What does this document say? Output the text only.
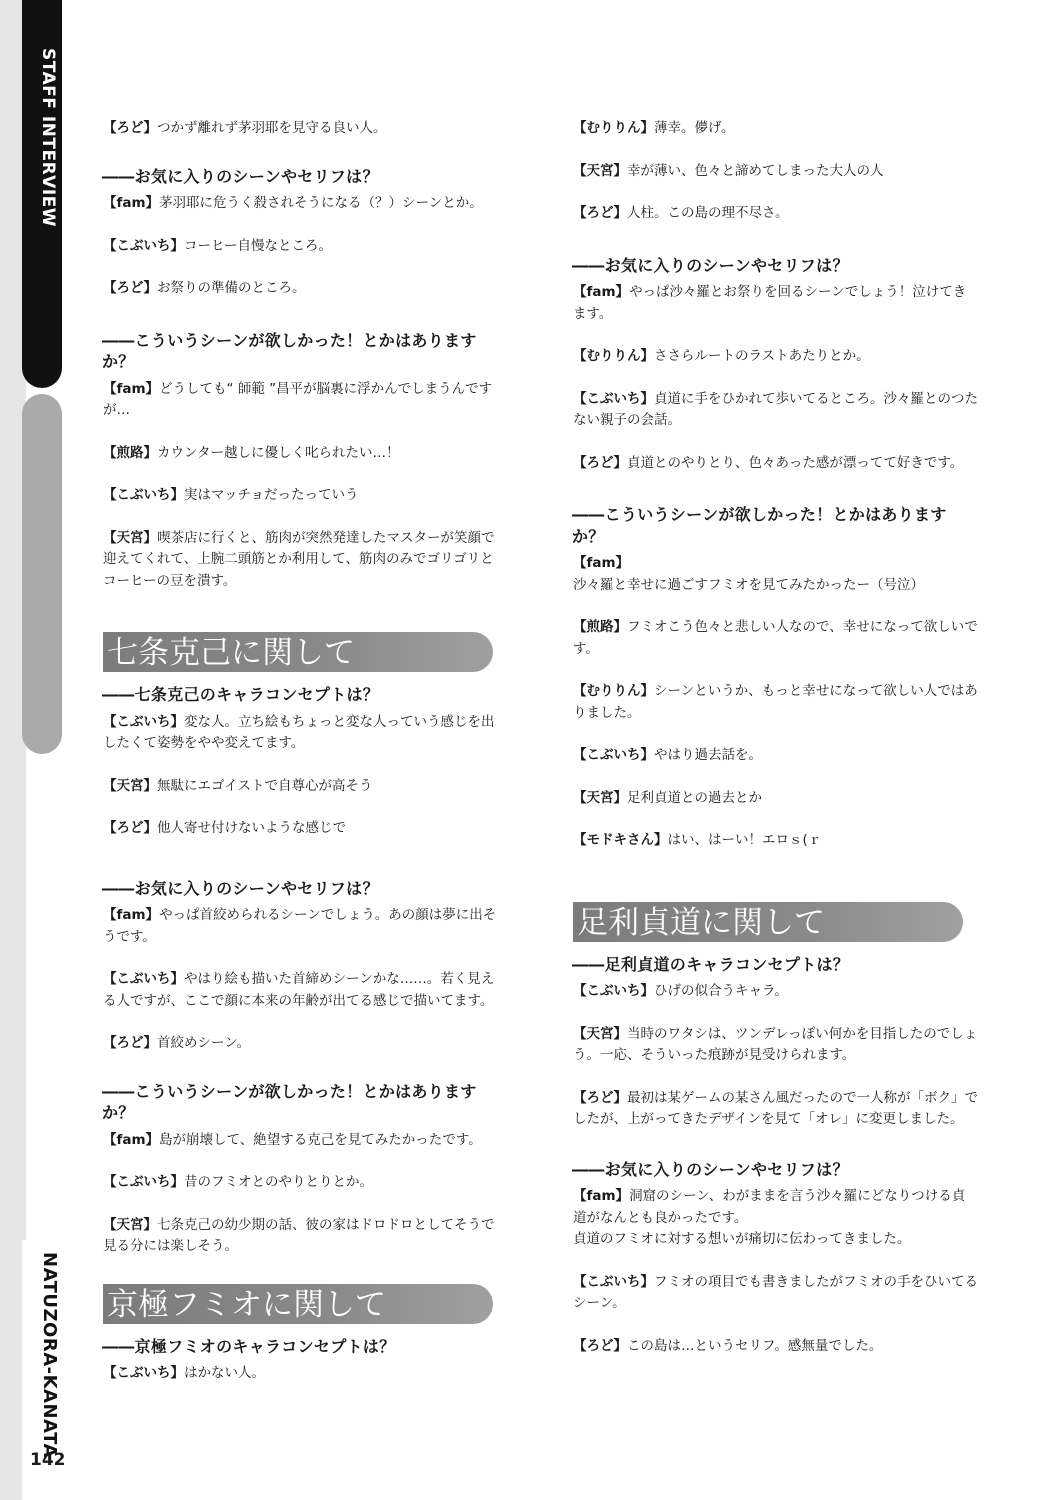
STAFF INTERVIEW
NATUZORA-KANATA
142
【ろど】つかず離れず茅羽耶を見守る良い人。
――お気に入りのシーンやセリフは？
【fam】茅羽耶に危うく殺されそうになる（？）シーンとか。
【こぶいち】コーヒー自慢なところ。
【ろど】お祭りの準備のところ。
――こういうシーンが欲しかった！とかはありますか？
【fam】どうしても“ 師範 ”昌平が脳裏に浮かんでしまうんですが…
【煎路】カウンター越しに優しく叱られたい…！
【こぶいち】実はマッチョだったっていう
【天宮】喫茶店に行くと、筋肉が突然発達したマスターが笑顔で迎えてくれて、上腕二頭筋とか利用して、筋肉のみでゴリゴリとコーヒーの豆を潰す。
七条克己に関して
――七条克己のキャラコンセプトは？
【こぶいち】変な人。立ち絵もちょっと変な人っていう感じを出したくて姿勢をやや変えてます。
【天宮】無駄にエゴイストで自尊心が高そう
【ろど】他人寄せ付けないような感じで
――お気に入りのシーンやセリフは？
【fam】やっぱ首絞められるシーンでしょう。あの顔は夢に出そうです。
【こぶいち】やはり絵も描いた首締めシーンかな……。若く見える人ですが、ここで顔に本来の年齢が出てる感じで描いてます。
【ろど】首絞めシーン。
――こういうシーンが欲しかった！とかはありますか？
【fam】島が崩壊して、絶望する克己を見てみたかったです。
【こぶいち】昔のフミオとのやりとりとか。
【天宮】七条克己の幼少期の話、彼の家はドロドロとしてそうで見る分には楽しそう。
京極フミオに関して
――京極フミオのキャラコンセプトは？
【こぶいち】はかない人。
【むりりん】薄幸。儚げ。
【天宮】幸が薄い、色々と諦めてしまった大人の人
【ろど】人柱。この島の理不尽さ。
――お気に入りのシーンやセリフは？
【fam】やっぱ沙々羅とお祭りを回るシーンでしょう！泣けてきます。
【むりりん】ささらルートのラストあたりとか。
【こぶいち】貞道に手をひかれて歩いてるところ。沙々羅とのつたない親子の会話。
【ろど】貞道とのやりとり、色々あった感が漂ってて好きです。
――こういうシーンが欲しかった！とかはありますか？
【fam】沙々羅と幸せに過ごすフミオを見てみたかったー（号泣）
【煎路】フミオこう色々と悲しい人なので、幸せになって欲しいです。
【むりりん】シーンというか、もっと幸せになって欲しい人ではありました。
【こぶいち】やはり過去話を。
【天宮】足利貞道との過去とか
【モドキさん】はい、はーい！エロｓ(ｒ
足利貞道に関して
――足利貞道のキャラコンセプトは？
【こぶいち】ひげの似合うキャラ。
【天宮】当時のワタシは、ツンデレっぽい何かを目指したのでしょう。一応、そういった痕跡が見受けられます。
【ろど】最初は某ゲームの某さん風だったので一人称が「ボク」でしたが、上がってきたデザインを見て「オレ」に変更しました。
――お気に入りのシーンやセリフは？
【fam】洞窟のシーン、わがままを言う沙々羅にどなりつける貞道がなんとも良かったです。
貞道のフミオに対する想いが痛切に伝わってきました。
【こぶいち】フミオの項目でも書きましたがフミオの手をひいてるシーン。
【ろど】この島は…というセリフ。感無量でした。
